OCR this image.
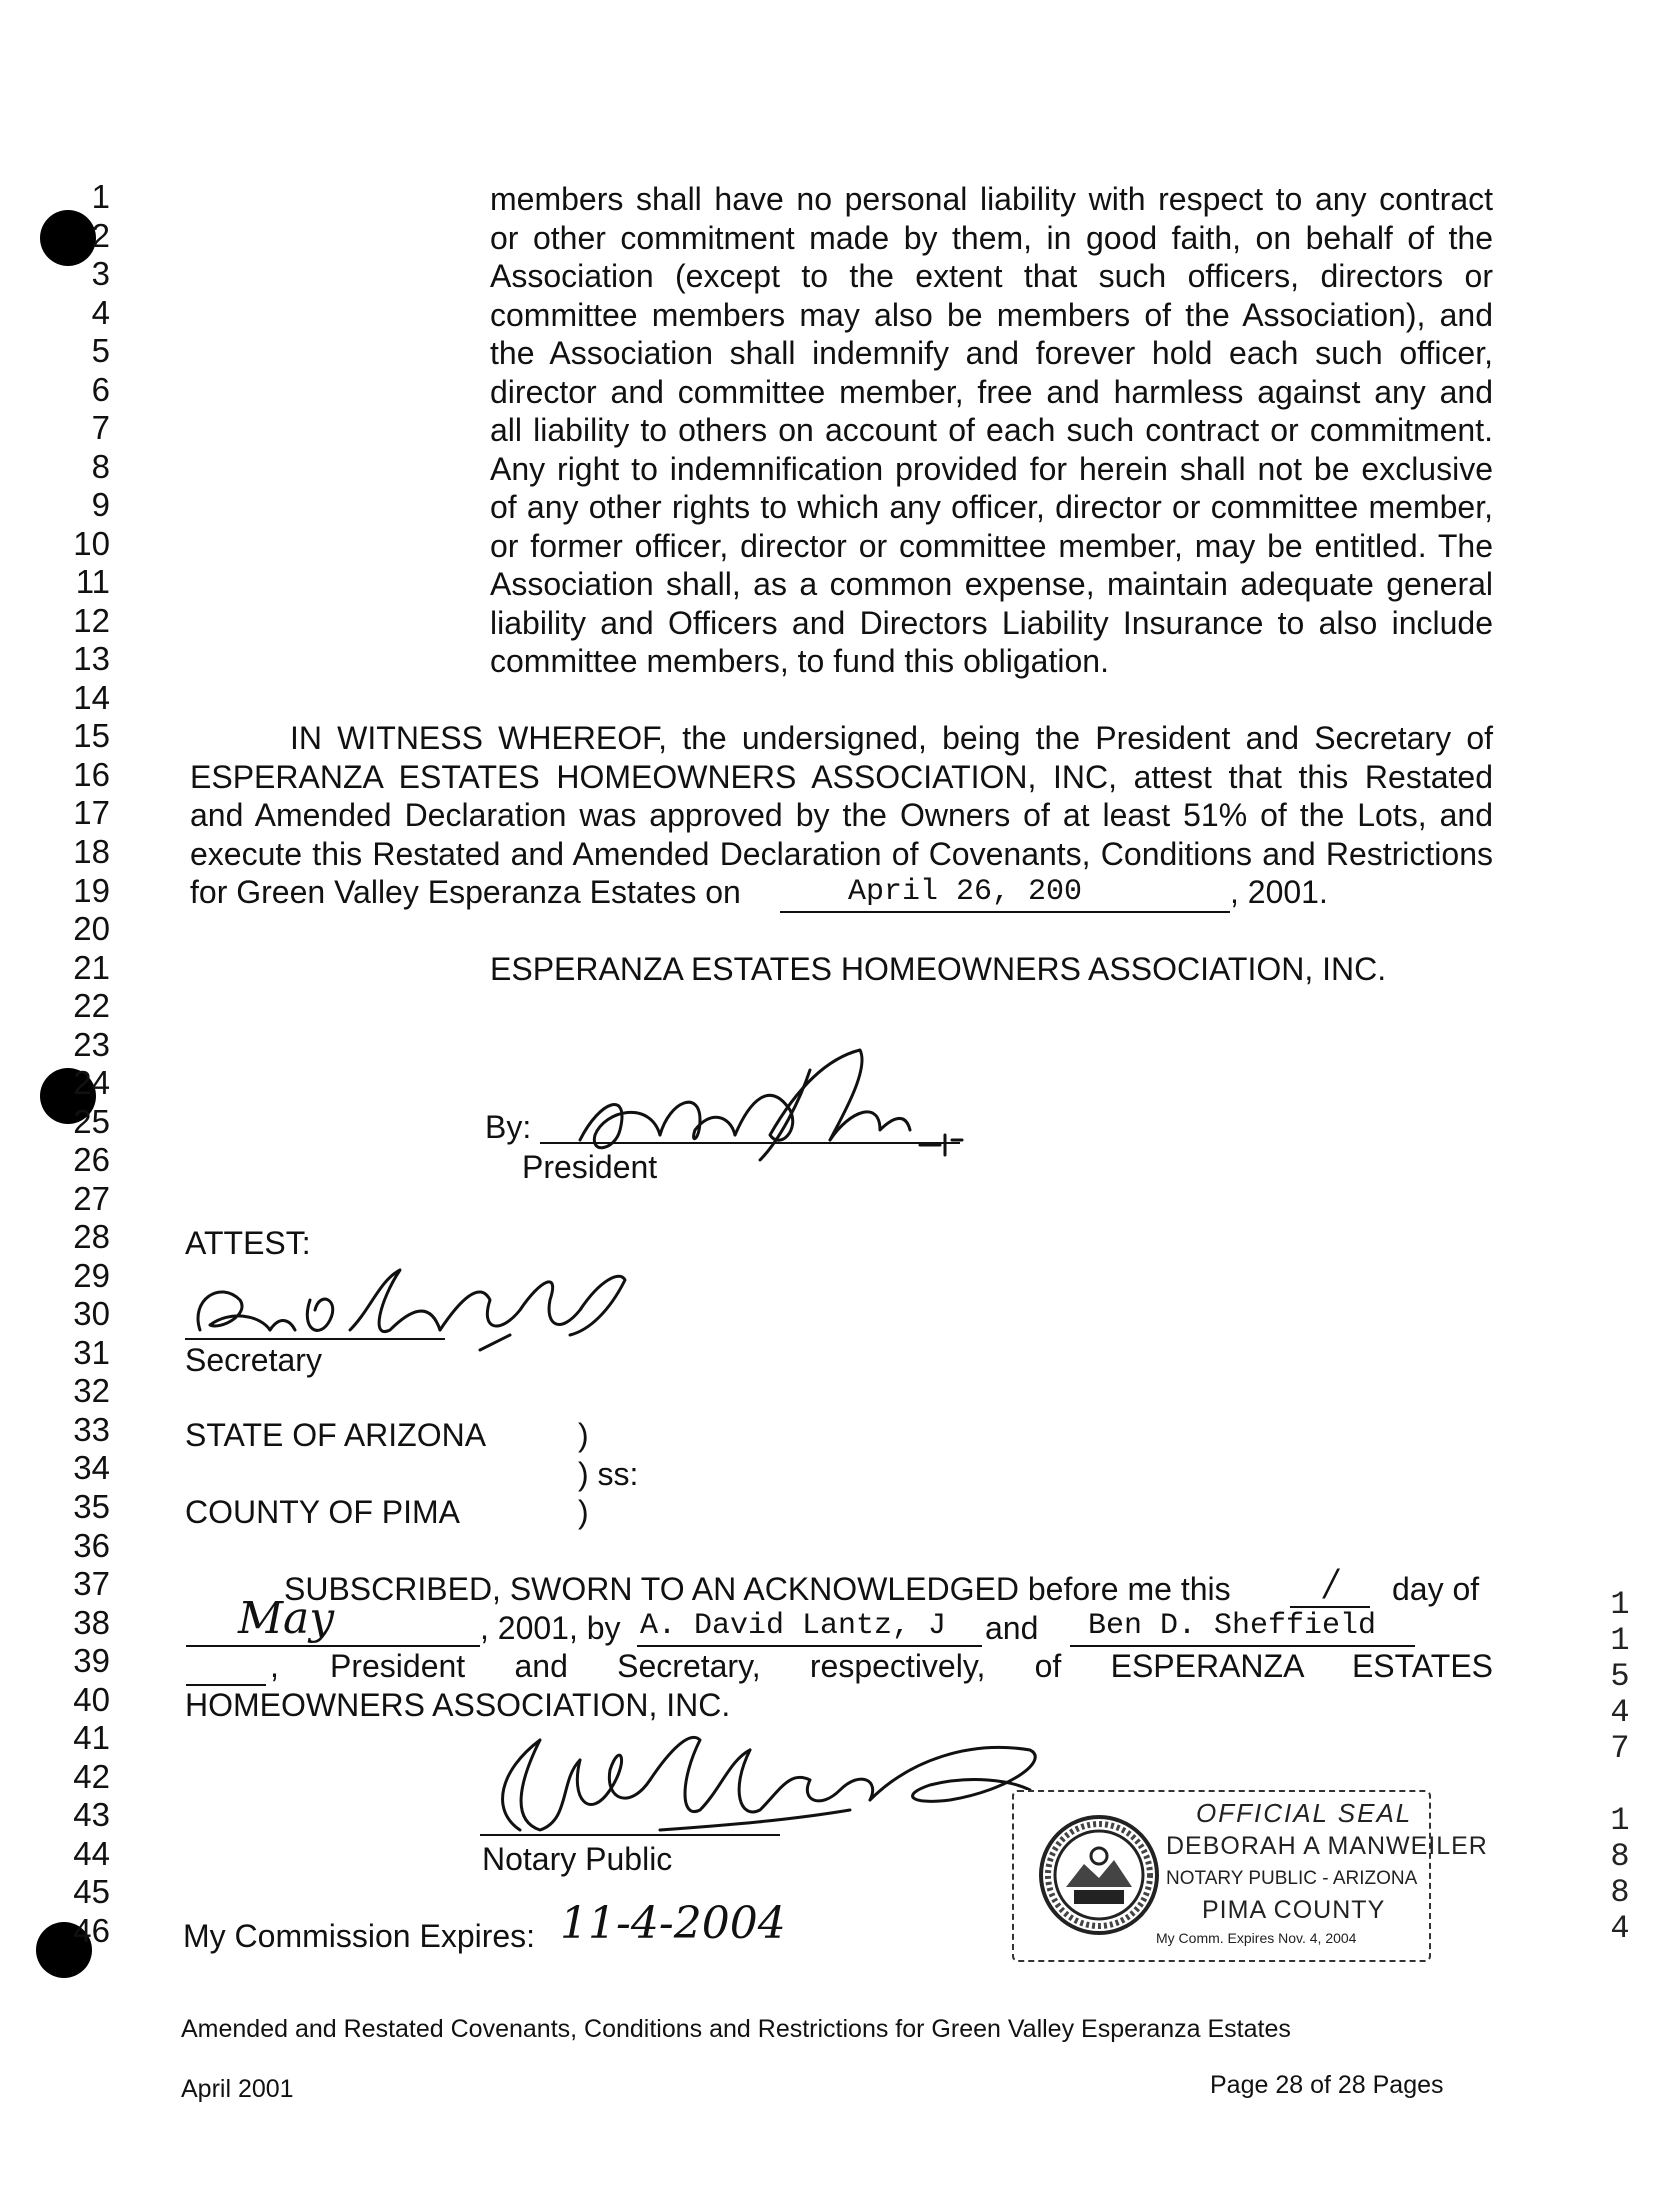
1
2
3
4
5
6
7
8
9
10
11
12
13
14
15
16
17
18
19
20
21
22
23
24
25
26
27
28
29
30
31
32
33
34
35
36
37
38
39
40
41
42
43
44
45
46
members shall have no personal liability with respect to any contract
or other commitment made by them, in good faith, on behalf of the
Association (except to the extent that such officers, directors or
committee members may also be members of the Association), and
the Association shall indemnify and forever hold each such officer,
director and committee member, free and harmless against any and
all liability to others on account of each such contract or commitment.
Any right to indemnification provided for herein shall not be exclusive
of any other rights to which any officer, director or committee member,
or former officer, director or committee member, may be entitled. The
Association shall, as a common expense, maintain adequate general
liability and Officers and Directors Liability Insurance to also include
committee members, to fund this obligation.
IN WITNESS WHEREOF, the undersigned, being the President and Secretary of
ESPERANZA ESTATES HOMEOWNERS ASSOCIATION, INC, attest that this Restated
and Amended Declaration was approved by the Owners of at least 51% of the Lots, and
execute this Restated and Amended Declaration of Covenants, Conditions and Restrictions
for Green Valley Esperanza Estates on	April 26, 200	, 2001.
ESPERANZA ESTATES HOMEOWNERS ASSOCIATION, INC.
By:
President
ATTEST:
Secretary
STATE OF ARIZONA	)
) ss:
COUNTY OF PIMA	)
SUBSCRIBED, SWORN TO AN ACKNOWLEDGED before me this	/ day of
May	, 2001, by A. David Lantz, J and Ben D. Sheffield
, President and Secretary, respectively, of ESPERANZA ESTATES
HOMEOWNERS ASSOCIATION, INC.
Notary Public
My Commission Expires: 11-4-2004
OFFICIAL SEAL
DEBORAH A MANWEILER
NOTARY PUBLIC - ARIZONA
PIMA COUNTY
My Comm. Expires Nov. 4, 2004
1
1
5
4
7
1
8
8
4
Amended and Restated Covenants, Conditions and Restrictions for Green Valley Esperanza Estates
April 2001	Page 28 of 28 Pages
